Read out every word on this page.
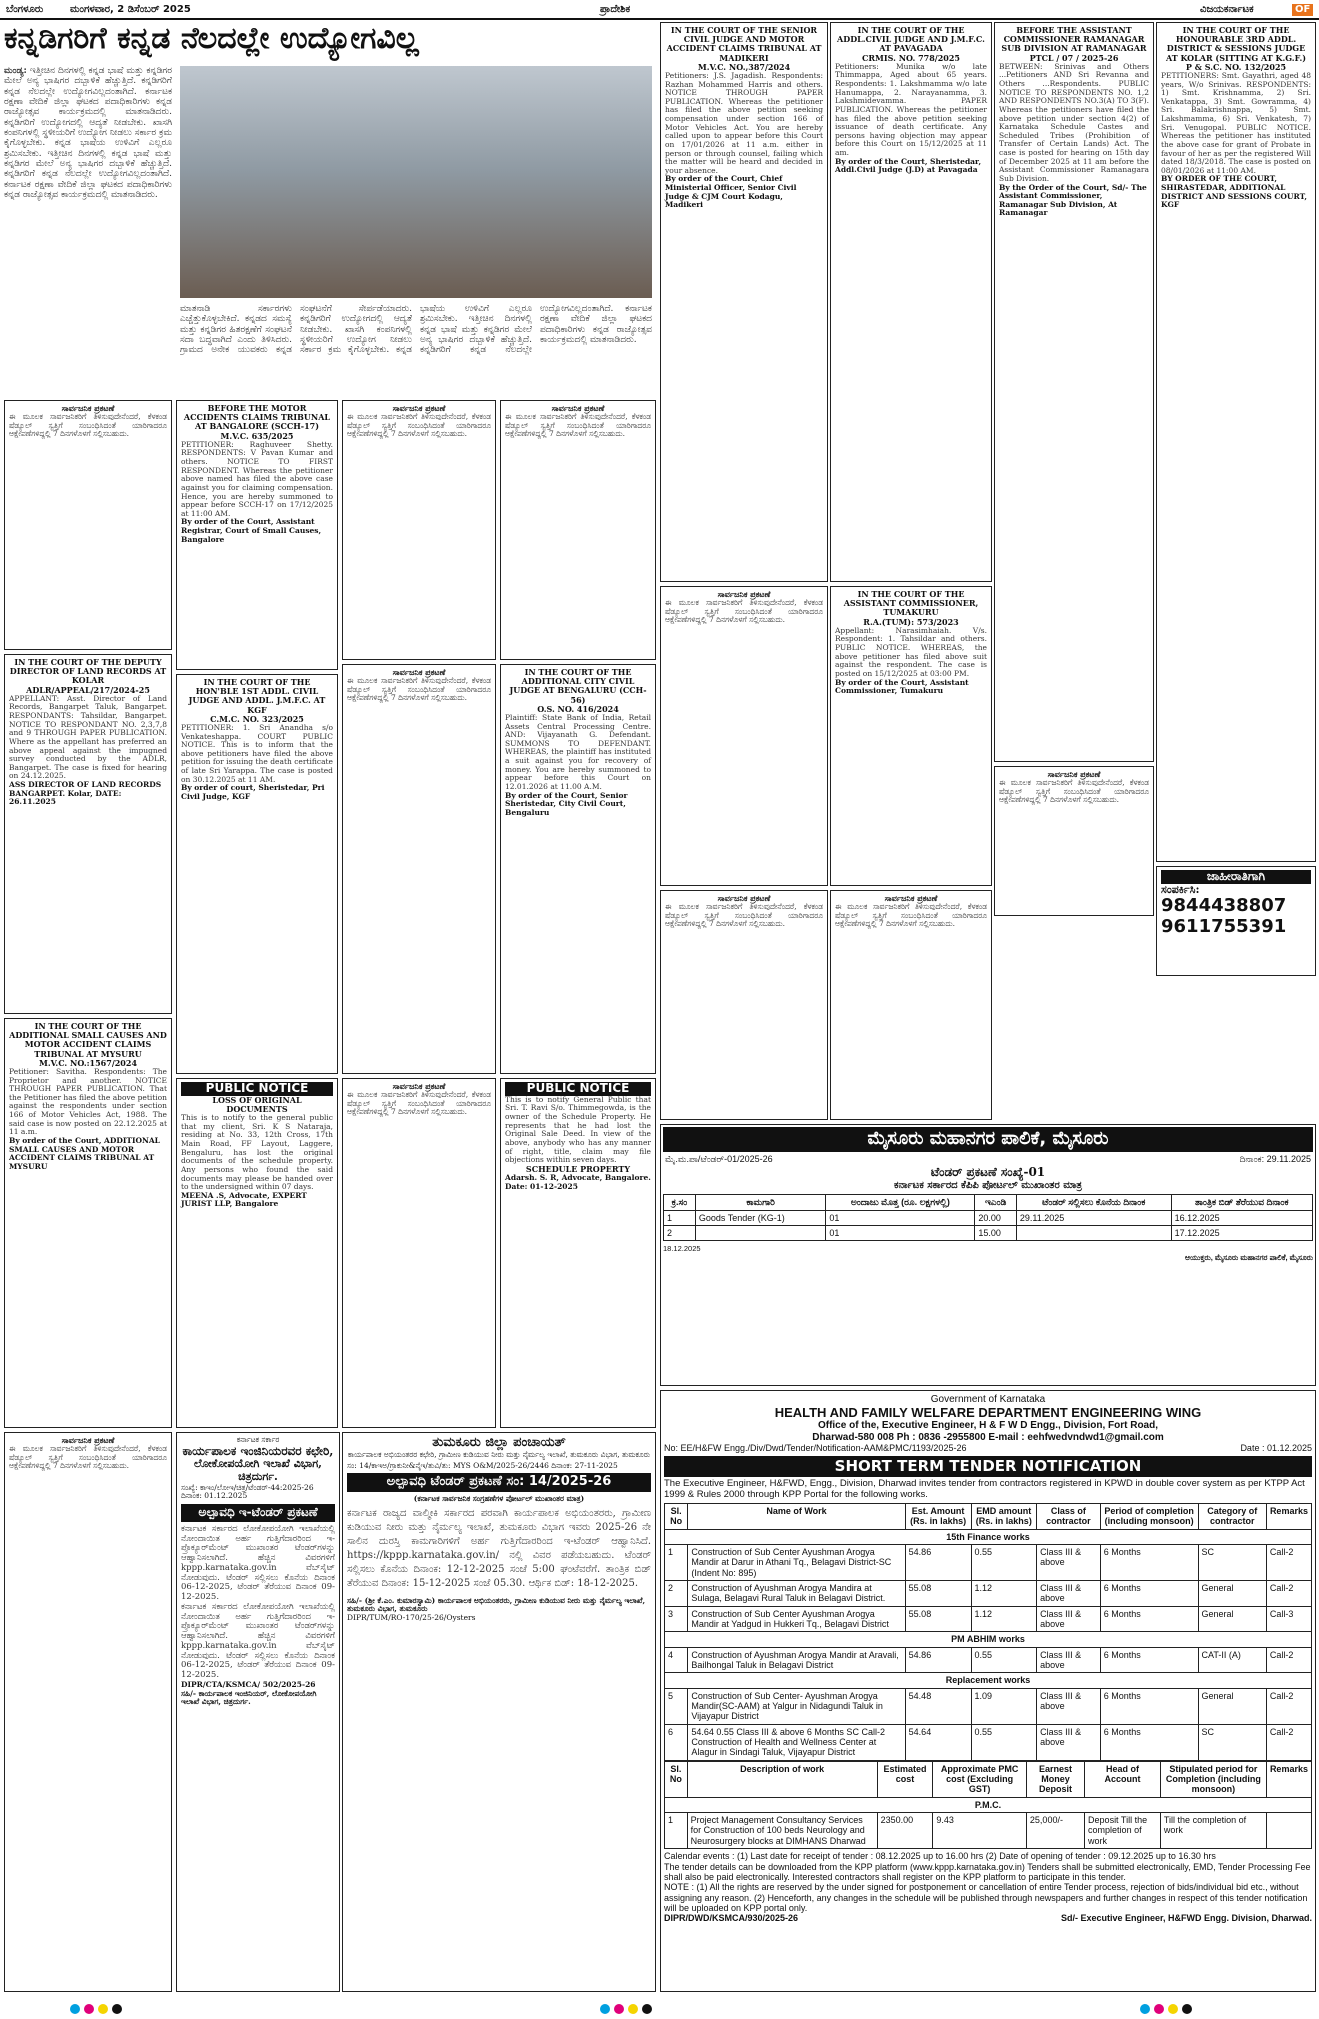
ಬೆಂಗಳೂರು	ಮಂಗಳವಾರ, 2 ಡಿಸೆಂಬರ್ 2025	ಪ್ರಾದೇಶಿಕ	ವಿಜಯಕರ್ನಾಟಕ	OF
ಕನ್ನಡಿಗರಿಗೆ ಕನ್ನಡ ನೆಲದಲ್ಲೇ ಉದ್ಯೋಗವಿಲ್ಲ
ಮಂಡ್ಯ: ಇತ್ತೀಚಿನ ದಿನಗಳಲ್ಲಿ ಕನ್ನಡ ಭಾಷೆ ಮತ್ತು ಕನ್ನಡಿಗರ ಮೇಲೆ ಅನ್ಯ ಭಾಷಿಗರ ದಬ್ಬಾಳಿಕೆ ಹೆಚ್ಚುತ್ತಿದೆ. ಕನ್ನಡಿಗರಿಗೆ ಕನ್ನಡ ನೆಲದಲ್ಲೇ ಉದ್ಯೋಗವಿಲ್ಲದಂತಾಗಿದೆ. ಕರ್ನಾಟಕ ರಕ್ಷಣಾ ವೇದಿಕೆ ಜಿಲ್ಲಾ ಘಟಕದ ಪದಾಧಿಕಾರಿಗಳು ಕನ್ನಡ ರಾಜ್ಯೋತ್ಸವ ಕಾರ್ಯಕ್ರಮದಲ್ಲಿ ಮಾತನಾಡಿದರು. ಕನ್ನಡಿಗರಿಗೆ ಉದ್ಯೋಗದಲ್ಲಿ ಆದ್ಯತೆ ನೀಡಬೇಕು. ಖಾಸಗಿ ಕಂಪನಿಗಳಲ್ಲಿ ಸ್ಥಳೀಯರಿಗೆ ಉದ್ಯೋಗ ನೀಡಲು ಸರ್ಕಾರ ಕ್ರಮ ಕೈಗೊಳ್ಳಬೇಕು. ಕನ್ನಡ ಭಾಷೆಯ ಉಳಿವಿಗೆ ಎಲ್ಲರೂ ಶ್ರಮಿಸಬೇಕು. ಇತ್ತೀಚಿನ ದಿನಗಳಲ್ಲಿ ಕನ್ನಡ ಭಾಷೆ ಮತ್ತು ಕನ್ನಡಿಗರ ಮೇಲೆ ಅನ್ಯ ಭಾಷಿಗರ ದಬ್ಬಾಳಿಕೆ ಹೆಚ್ಚುತ್ತಿದೆ. ಕನ್ನಡಿಗರಿಗೆ ಕನ್ನಡ ನೆಲದಲ್ಲೇ ಉದ್ಯೋಗವಿಲ್ಲದಂತಾಗಿದೆ. ಕರ್ನಾಟಕ ರಕ್ಷಣಾ ವೇದಿಕೆ ಜಿಲ್ಲಾ ಘಟಕದ ಪದಾಧಿಕಾರಿಗಳು ಕನ್ನಡ ರಾಜ್ಯೋತ್ಸವ ಕಾರ್ಯಕ್ರಮದಲ್ಲಿ ಮಾತನಾಡಿದರು.
ಮಾತನಾಡಿ ಸರ್ಕಾರಗಳು ಎಚ್ಚೆತ್ತುಕೊಳ್ಳಬೇಕಿದೆ. ಕನ್ನಡದ ಸಮಸ್ಯೆ ಮತ್ತು ಕನ್ನಡಿಗರ ಹಿತರಕ್ಷಣೆಗೆ ಸಂಘಟನೆ ಸದಾ ಬದ್ಧವಾಗಿದೆ ಎಂದು ತಿಳಿಸಿದರು. ಗ್ರಾಮದ ಅನೇಕ ಯುವಕರು ಕನ್ನಡ ಸಂಘಟನೆಗೆ ಸೇರ್ಪಡೆಯಾದರು. ಕನ್ನಡಿಗರಿಗೆ ಉದ್ಯೋಗದಲ್ಲಿ ಆದ್ಯತೆ ನೀಡಬೇಕು. ಖಾಸಗಿ ಕಂಪನಿಗಳಲ್ಲಿ ಸ್ಥಳೀಯರಿಗೆ ಉದ್ಯೋಗ ನೀಡಲು ಸರ್ಕಾರ ಕ್ರಮ ಕೈಗೊಳ್ಳಬೇಕು. ಕನ್ನಡ ಭಾಷೆಯ ಉಳಿವಿಗೆ ಎಲ್ಲರೂ ಶ್ರಮಿಸಬೇಕು. ಇತ್ತೀಚಿನ ದಿನಗಳಲ್ಲಿ ಕನ್ನಡ ಭಾಷೆ ಮತ್ತು ಕನ್ನಡಿಗರ ಮೇಲೆ ಅನ್ಯ ಭಾಷಿಗರ ದಬ್ಬಾಳಿಕೆ ಹೆಚ್ಚುತ್ತಿದೆ. ಕನ್ನಡಿಗರಿಗೆ ಕನ್ನಡ ನೆಲದಲ್ಲೇ ಉದ್ಯೋಗವಿಲ್ಲದಂತಾಗಿದೆ. ಕರ್ನಾಟಕ ರಕ್ಷಣಾ ವೇದಿಕೆ ಜಿಲ್ಲಾ ಘಟಕದ ಪದಾಧಿಕಾರಿಗಳು ಕನ್ನಡ ರಾಜ್ಯೋತ್ಸವ ಕಾರ್ಯಕ್ರಮದಲ್ಲಿ ಮಾತನಾಡಿದರು.
IN THE COURT OF THE SENIOR CIVIL JUDGE AND MOTOR ACCIDENT CLAIMS TRIBUNAL AT MADIKERI
M.V.C. NO.,387/2024
Petitioners: J.S. Jagadish. Respondents: Razhan Mohammed Harris and others. NOTICE THROUGH PAPER PUBLICATION. Whereas the petitioner has filed the above petition seeking compensation under section 166 of Motor Vehicles Act. You are hereby called upon to appear before this Court on 17/01/2026 at 11 a.m. either in person or through counsel, failing which the matter will be heard and decided in your absence.
By order of the Court, Chief Ministerial Officer, Senior Civil Judge & CJM Court Kodagu, Madikeri
IN THE COURT OF THE ADDL.CIVIL JUDGE AND J.M.F.C. AT PAVAGADA
CRMIS. NO. 778/2025
Petitioners: Munika w/o late Thimmappa, Aged about 65 years. Respondents: 1. Lakshmamma w/o late Hanumappa, 2. Narayanamma, 3. Lakshmidevamma. PAPER PUBLICATION. Whereas the petitioner has filed the above petition seeking issuance of death certificate. Any persons having objection may appear before this Court on 15/12/2025 at 11 am.
By order of the Court, Sheristedar, Addl.Civil Judge (J.D) at Pavagada
BEFORE THE ASSISTANT COMMISSIONER RAMANAGAR SUB DIVISION AT RAMANAGAR
PTCL / 07 / 2025-26
BETWEEN: Srinivas and Others ...Petitioners AND Sri Revanna and Others ...Respondents. PUBLIC NOTICE TO RESPONDENTS NO. 1,2 AND RESPONDENTS NO.3(A) TO 3(F). Whereas the petitioners have filed the above petition under section 4(2) of Karnataka Schedule Castes and Scheduled Tribes (Prohibition of Transfer of Certain Lands) Act. The case is posted for hearing on 15th day of December 2025 at 11 am before the Assistant Commissioner Ramanagara Sub Division.
By the Order of the Court, Sd/- The Assistant Commissioner, Ramanagar Sub Division, At Ramanagar
IN THE COURT OF THE HONOURABLE 3RD ADDL. DISTRICT & SESSIONS JUDGE AT KOLAR (SITTING AT K.G.F.)
P & S.C. NO. 132/2025
PETITIONERS: Smt. Gayathri, aged 48 years, W/o Srinivas. RESPONDENTS: 1) Smt. Krishnamma, 2) Sri. Venkatappa, 3) Smt. Gowramma, 4) Sri. Balakrishnappa, 5) Smt. Lakshmamma, 6) Sri. Venkatesh, 7) Sri. Venugopal. PUBLIC NOTICE. Whereas the petitioner has instituted the above case for grant of Probate in favour of her as per the registered Will dated 18/3/2018. The case is posted on 08/01/2026 at 11:00 AM.
BY ORDER OF THE COURT, SHIRASTEDAR, ADDITIONAL DISTRICT AND SESSIONS COURT, KGF
IN THE COURT OF THE ASSISTANT COMMISSIONER, TUMAKURU
R.A.(TUM): 573/2023
Appellant: Narasimhaiah. V/s. Respondent: 1. Tahsildar and others. PUBLIC NOTICE. WHEREAS, the above petitioner has filed above suit against the respondent. The case is posted on 15/12/2025 at 03:00 PM.
By order of the Court, Assistant Commissioner, Tumakuru
ಸಾರ್ವಜನಿಕ ಪ್ರಕಟಣೆ
ಈ ಮೂಲಕ ಸಾರ್ವಜನಿಕರಿಗೆ ತಿಳಿಸುವುದೇನೆಂದರೆ, ಕೆಳಕಂಡ ಷೆಡ್ಯೂಲ್ ಸ್ವತ್ತಿಗೆ ಸಂಬಂಧಿಸಿದಂತೆ ಯಾರಿಗಾದರೂ ಆಕ್ಷೇಪಣೆಗಳಿದ್ದಲ್ಲಿ 7 ದಿನಗಳೊಳಗೆ ಸಲ್ಲಿಸಬಹುದು.
IN THE COURT OF THE DEPUTY DIRECTOR OF LAND RECORDS AT KOLAR
ADLR/APPEAL/217/2024-25
APPELLANT: Asst. Director of Land Records, Bangarpet Taluk, Bangarpet. RESPONDANTS: Tahsildar, Bangarpet. NOTICE TO RESPONDANT NO. 2,3,7,8 and 9 THROUGH PAPER PUBLICATION. Where as the appellant has preferred an above appeal against the impugned survey conducted by the ADLR, Bangarpet. The case is fixed for hearing on 24.12.2025.
ASS DIRECTOR OF LAND RECORDS BANGARPET. Kolar, DATE: 26.11.2025
IN THE COURT OF THE ADDITIONAL SMALL CAUSES AND MOTOR ACCIDENT CLAIMS TRIBUNAL AT MYSURU
M.V.C. NO.:1567/2024
Petitioner: Savitha. Respondents: The Proprietor and another. NOTICE THROUGH PAPER PUBLICATION. That the Petitioner has filed the above petition against the respondents under section 166 of Motor Vehicles Act, 1988. The said case is now posted on 22.12.2025 at 11 a.m.
By order of the Court, ADDITIONAL SMALL CAUSES AND MOTOR ACCIDENT CLAIMS TRIBUNAL AT MYSURU
BEFORE THE MOTOR ACCIDENTS CLAIMS TRIBUNAL AT BANGALORE (SCCH-17)
M.V.C. 635/2025
PETITIONER: Raghuveer Shetty. RESPONDENTS: V Pavan Kumar and others. NOTICE TO FIRST RESPONDENT. Whereas the petitioner above named has filed the above case against you for claiming compensation. Hence, you are hereby summoned to appear before SCCH-17 on 17/12/2025 at 11:00 AM.
By order of the Court, Assistant Registrar, Court of Small Causes, Bangalore
IN THE COURT OF THE HON'BLE 1ST ADDL. CIVIL JUDGE AND ADDL. J.M.F.C. AT KGF
C.M.C. NO. 323/2025
PETITIONER: 1. Sri Anandha s/o Venkateshappa. COURT PUBLIC NOTICE. This is to inform that the above petitioners have filed the above petition for issuing the death certificate of late Sri Yarappa. The case is posted on 30.12.2025 at 11 AM.
By order of court, Sheristedar, Pri Civil Judge, KGF
PUBLIC NOTICE
LOSS OF ORIGINAL DOCUMENTS
This is to notify to the general public that my client, Sri. K S Nataraja, residing at No. 33, 12th Cross, 17th Main Road, FF Layout, Laggere, Bengaluru, has lost the original documents of the schedule property. Any persons who found the said documents may please be handed over to the undersigned within 07 days.
MEENA .S, Advocate, EXPERT JURIST LLP, Bangalore
ಸಾರ್ವಜನಿಕ ಪ್ರಕಟಣೆ
ಈ ಮೂಲಕ ಸಾರ್ವಜನಿಕರಿಗೆ ತಿಳಿಸುವುದೇನೆಂದರೆ, ಕೆಳಕಂಡ ಷೆಡ್ಯೂಲ್ ಸ್ವತ್ತಿಗೆ ಸಂಬಂಧಿಸಿದಂತೆ ಯಾರಿಗಾದರೂ ಆಕ್ಷೇಪಣೆಗಳಿದ್ದಲ್ಲಿ 7 ದಿನಗಳೊಳಗೆ ಸಲ್ಲಿಸಬಹುದು.
ಸಾರ್ವಜನಿಕ ಪ್ರಕಟಣೆ
ಈ ಮೂಲಕ ಸಾರ್ವಜನಿಕರಿಗೆ ತಿಳಿಸುವುದೇನೆಂದರೆ, ಕೆಳಕಂಡ ಷೆಡ್ಯೂಲ್ ಸ್ವತ್ತಿಗೆ ಸಂಬಂಧಿಸಿದಂತೆ ಯಾರಿಗಾದರೂ ಆಕ್ಷೇಪಣೆಗಳಿದ್ದಲ್ಲಿ 7 ದಿನಗಳೊಳಗೆ ಸಲ್ಲಿಸಬಹುದು.
IN THE COURT OF THE ADDITIONAL CITY CIVIL JUDGE AT BENGALURU (CCH-56)
O.S. NO. 416/2024
Plaintiff: State Bank of India, Retail Assets Central Processing Centre. AND: Vijayanath G. Defendant. SUMMONS TO DEFENDANT. WHEREAS, the plaintiff has instituted a suit against you for recovery of money. You are hereby summoned to appear before this Court on 12.01.2026 at 11.00 A.M.
By order of the Court, Senior Sheristedar, City Civil Court, Bengaluru
ಸಾರ್ವಜನಿಕ ಪ್ರಕಟಣೆ
ಈ ಮೂಲಕ ಸಾರ್ವಜನಿಕರಿಗೆ ತಿಳಿಸುವುದೇನೆಂದರೆ, ಕೆಳಕಂಡ ಷೆಡ್ಯೂಲ್ ಸ್ವತ್ತಿಗೆ ಸಂಬಂಧಿಸಿದಂತೆ ಯಾರಿಗಾದರೂ ಆಕ್ಷೇಪಣೆಗಳಿದ್ದಲ್ಲಿ 7 ದಿನಗಳೊಳಗೆ ಸಲ್ಲಿಸಬಹುದು.
ಸಾರ್ವಜನಿಕ ಪ್ರಕಟಣೆ
ಈ ಮೂಲಕ ಸಾರ್ವಜನಿಕರಿಗೆ ತಿಳಿಸುವುದೇನೆಂದರೆ, ಕೆಳಕಂಡ ಷೆಡ್ಯೂಲ್ ಸ್ವತ್ತಿಗೆ ಸಂಬಂಧಿಸಿದಂತೆ ಯಾರಿಗಾದರೂ ಆಕ್ಷೇಪಣೆಗಳಿದ್ದಲ್ಲಿ 7 ದಿನಗಳೊಳಗೆ ಸಲ್ಲಿಸಬಹುದು.
PUBLIC NOTICE
This is to notify General Public that Sri. T. Ravi S/o. Thimmegowda, is the owner of the Schedule Property. He represents that he had lost the Original Sale Deed. In view of the above, anybody who has any manner of right, title, claim may file objections within seven days.
SCHEDULE PROPERTY
Adarsh. S. R, Advocate, Bangalore. Date: 01-12-2025
ಸಾರ್ವಜನಿಕ ಪ್ರಕಟಣೆ
ಈ ಮೂಲಕ ಸಾರ್ವಜನಿಕರಿಗೆ ತಿಳಿಸುವುದೇನೆಂದರೆ, ಕೆಳಕಂಡ ಷೆಡ್ಯೂಲ್ ಸ್ವತ್ತಿಗೆ ಸಂಬಂಧಿಸಿದಂತೆ ಯಾರಿಗಾದರೂ ಆಕ್ಷೇಪಣೆಗಳಿದ್ದಲ್ಲಿ 7 ದಿನಗಳೊಳಗೆ ಸಲ್ಲಿಸಬಹುದು.
ಸಾರ್ವಜನಿಕ ಪ್ರಕಟಣೆ
ಈ ಮೂಲಕ ಸಾರ್ವಜನಿಕರಿಗೆ ತಿಳಿಸುವುದೇನೆಂದರೆ, ಕೆಳಕಂಡ ಷೆಡ್ಯೂಲ್ ಸ್ವತ್ತಿಗೆ ಸಂಬಂಧಿಸಿದಂತೆ ಯಾರಿಗಾದರೂ ಆಕ್ಷೇಪಣೆಗಳಿದ್ದಲ್ಲಿ 7 ದಿನಗಳೊಳಗೆ ಸಲ್ಲಿಸಬಹುದು.
ಸಾರ್ವಜನಿಕ ಪ್ರಕಟಣೆ
ಈ ಮೂಲಕ ಸಾರ್ವಜನಿಕರಿಗೆ ತಿಳಿಸುವುದೇನೆಂದರೆ, ಕೆಳಕಂಡ ಷೆಡ್ಯೂಲ್ ಸ್ವತ್ತಿಗೆ ಸಂಬಂಧಿಸಿದಂತೆ ಯಾರಿಗಾದರೂ ಆಕ್ಷೇಪಣೆಗಳಿದ್ದಲ್ಲಿ 7 ದಿನಗಳೊಳಗೆ ಸಲ್ಲಿಸಬಹುದು.
ಸಾರ್ವಜನಿಕ ಪ್ರಕಟಣೆ
ಈ ಮೂಲಕ ಸಾರ್ವಜನಿಕರಿಗೆ ತಿಳಿಸುವುದೇನೆಂದರೆ, ಕೆಳಕಂಡ ಷೆಡ್ಯೂಲ್ ಸ್ವತ್ತಿಗೆ ಸಂಬಂಧಿಸಿದಂತೆ ಯಾರಿಗಾದರೂ ಆಕ್ಷೇಪಣೆಗಳಿದ್ದಲ್ಲಿ 7 ದಿನಗಳೊಳಗೆ ಸಲ್ಲಿಸಬಹುದು.
ಜಾಹೀರಾತಿಗಾಗಿ
ಸಂಪರ್ಕಿಸಿ:
9844438807
9611755391
ಮೈಸೂರು ಮಹಾನಗರ ಪಾಲಿಕೆ, ಮೈಸೂರು
ಮೈ.ಮ.ಪಾ/ಟೆಂಡರ್-01/2025-26	ದಿನಾಂಕ: 29.11.2025
ಟೆಂಡರ್ ಪ್ರಕಟಣೆ ಸಂಖ್ಯೆ-01
ಕರ್ನಾಟಕ ಸರ್ಕಾರದ ಕೆಪಿಪಿ ಪೋರ್ಟಲ್ ಮುಖಾಂತರ ಮಾತ್ರ
ಕ್ರ.ಸಂ	ಕಾಮಗಾರಿ	ಅಂದಾಜು ಮೊತ್ತ (ರೂ. ಲಕ್ಷಗಳಲ್ಲಿ)	ಇಎಂಡಿ	ಟೆಂಡರ್ ಸಲ್ಲಿಸಲು ಕೊನೆಯ ದಿನಾಂಕ	ತಾಂತ್ರಿಕ ಬಿಡ್ ತೆರೆಯುವ ದಿನಾಂಕ
1	Goods Tender (KG-1)	01	20.00	29.11.2025	16.12.2025
2		01	15.00		17.12.2025
18.12.2025
ಆಯುಕ್ತರು, ಮೈಸೂರು ಮಹಾನಗರ ಪಾಲಿಕೆ, ಮೈಸೂರು
ಕರ್ನಾಟಕ ಸರ್ಕಾರ
ಕಾರ್ಯಪಾಲಕ ಇಂಜಿನಿಯರವರ ಕಛೇರಿ,
ಲೋಕೋಪಯೋಗಿ ಇಲಾಖೆ ವಿಭಾಗ, ಚಿತ್ರದುರ್ಗ.
ಸಂಖ್ಯೆ: ಕಾಇಂ/ಲೋಇ/ಚಿತ್ರ/ಟೆಂಡರ್-44:2025-26 ದಿನಾಂಕ: 01.12.2025
ಅಲ್ಪಾವಧಿ ಇ-ಟೆಂಡರ್ ಪ್ರಕಟಣೆ
ಕರ್ನಾಟಕ ಸರ್ಕಾರದ ಲೋಕೋಪಯೋಗಿ ಇಲಾಖೆಯಲ್ಲಿ ನೋಂದಾಯಿತ ಅರ್ಹ ಗುತ್ತಿಗೆದಾರರಿಂದ ಇ-ಪ್ರೊಕ್ಯೂರ್‌ಮೆಂಟ್ ಮುಖಾಂತರ ಟೆಂಡರ್‌ಗಳನ್ನು ಆಹ್ವಾನಿಸಲಾಗಿದೆ. ಹೆಚ್ಚಿನ ವಿವರಗಳಿಗೆ kppp.karnataka.gov.in ವೆಬ್‌ಸೈಟ್ ನೋಡುವುದು. ಟೆಂಡರ್ ಸಲ್ಲಿಸಲು ಕೊನೆಯ ದಿನಾಂಕ 06-12-2025, ಟೆಂಡರ್ ತೆರೆಯುವ ದಿನಾಂಕ 09-12-2025.
ಕರ್ನಾಟಕ ಸರ್ಕಾರದ ಲೋಕೋಪಯೋಗಿ ಇಲಾಖೆಯಲ್ಲಿ ನೋಂದಾಯಿತ ಅರ್ಹ ಗುತ್ತಿಗೆದಾರರಿಂದ ಇ-ಪ್ರೊಕ್ಯೂರ್‌ಮೆಂಟ್ ಮುಖಾಂತರ ಟೆಂಡರ್‌ಗಳನ್ನು ಆಹ್ವಾನಿಸಲಾಗಿದೆ. ಹೆಚ್ಚಿನ ವಿವರಗಳಿಗೆ kppp.karnataka.gov.in ವೆಬ್‌ಸೈಟ್ ನೋಡುವುದು. ಟೆಂಡರ್ ಸಲ್ಲಿಸಲು ಕೊನೆಯ ದಿನಾಂಕ 06-12-2025, ಟೆಂಡರ್ ತೆರೆಯುವ ದಿನಾಂಕ 09-12-2025.
DIPR/CTA/KSMCA/ 502/2025-26
ಸಹಿ/- ಕಾರ್ಯಪಾಲಕ ಇಂಜಿನಿಯರ್, ಲೋಕೋಪಯೋಗಿ ಇಲಾಖೆ ವಿಭಾಗ, ಚಿತ್ರದುರ್ಗ.
ಸಾರ್ವಜನಿಕ ಪ್ರಕಟಣೆ
ಈ ಮೂಲಕ ಸಾರ್ವಜನಿಕರಿಗೆ ತಿಳಿಸುವುದೇನೆಂದರೆ, ಕೆಳಕಂಡ ಷೆಡ್ಯೂಲ್ ಸ್ವತ್ತಿಗೆ ಸಂಬಂಧಿಸಿದಂತೆ ಯಾರಿಗಾದರೂ ಆಕ್ಷೇಪಣೆಗಳಿದ್ದಲ್ಲಿ 7 ದಿನಗಳೊಳಗೆ ಸಲ್ಲಿಸಬಹುದು.
ತುಮಕೂರು ಜಿಲ್ಲಾ ಪಂಚಾಯತ್
ಕಾರ್ಯಪಾಲಕ ಅಭಿಯಂತರರ ಕಛೇರಿ, ಗ್ರಾಮೀಣ ಕುಡಿಯುವ ನೀರು ಮತ್ತು ನೈರ್ಮಲ್ಯ ಇಲಾಖೆ, ತುಮಕೂರು ವಿಭಾಗ, ತುಮಕೂರು
ಸಂ: 14/ಕಾಇಅ/ಗ್ರಾಕುನೀ&ನೈಇ/ತುವಿ/ತು: MYS O&M/2025-26/2446 ದಿನಾಂಕ: 27-11-2025
ಅಲ್ಪಾವಧಿ ಟೆಂಡರ್ ಪ್ರಕಟಣೆ ಸಂ: 14/2025-26
(ಕರ್ನಾಟಕ ಸಾರ್ವಜನಿಕ ಸಂಗ್ರಹಣೆಗಳ ಪೋರ್ಟಲ್ ಮುಖಾಂತರ ಮಾತ್ರ)
ಕರ್ನಾಟಕ ರಾಜ್ಯದ ವಾಲ್ಮೀಕಿ ಸರ್ಕಾರದ ಪರವಾಗಿ ಕಾರ್ಯಪಾಲಕ ಅಭಿಯಂತರರು, ಗ್ರಾಮೀಣ ಕುಡಿಯುವ ನೀರು ಮತ್ತು ನೈರ್ಮಲ್ಯ ಇಲಾಖೆ, ತುಮಕೂರು ವಿಭಾಗ ಇವರು 2025-26 ನೇ ಸಾಲಿನ ದುರಸ್ತಿ ಕಾಮಗಾರಿಗಳಿಗೆ ಅರ್ಹ ಗುತ್ತಿಗೆದಾರರಿಂದ ಇ-ಟೆಂಡರ್ ಆಹ್ವಾನಿಸಿದೆ. https://kppp.karnataka.gov.in/ ನಲ್ಲಿ ವಿವರ ಪಡೆಯಬಹುದು. ಟೆಂಡರ್ ಸಲ್ಲಿಸಲು ಕೊನೆಯ ದಿನಾಂಕ: 12-12-2025 ಸಂಜೆ 5:00 ಘಂಟೆವರೆಗೆ. ತಾಂತ್ರಿಕ ಬಿಡ್ ತೆರೆಯುವ ದಿನಾಂಕ: 15-12-2025 ಸಂಜೆ 05.30. ಆರ್ಥಿಕ ಬಿಡ್: 18-12-2025.
ಸಹಿ/- (ಶ್ರೀ ಕೆ.ಎಂ. ಕುಮಾರಸ್ವಾಮಿ) ಕಾರ್ಯಪಾಲಕ ಅಭಿಯಂತರರು, ಗ್ರಾಮೀಣ ಕುಡಿಯುವ ನೀರು ಮತ್ತು ನೈರ್ಮಲ್ಯ ಇಲಾಖೆ, ತುಮಕೂರು ವಿಭಾಗ, ತುಮಕೂರು
DIPR/TUM/RO-170/25-26/Oysters
Government of Karnataka
HEALTH AND FAMILY WELFARE DEPARTMENT ENGINEERING WING
Office of the, Executive Engineer, H & F W D Engg., Division, Fort Road,
Dharwad-580 008 Ph : 0836 -2955800 E-mail : eehfwedvndwd1@gmail.com
No: EE/H&FW Engg./Div/Dwd/Tender/Notification-AAM&PMC/1193/2025-26	Date : 01.12.2025
SHORT TERM TENDER NOTIFICATION
The Executive Engineer, H&FWD, Engg., Division, Dharwad invites tender from contractors registered in KPWD in double cover system as per KTPP Act 1999 & Rules 2000 through KPP Portal for the following works.
Sl. No	Name of Work	Est. Amount (Rs. in lakhs)	EMD amount (Rs. in lakhs)	Class of contractor	Period of completion (including monsoon)	Category of contractor	Remarks
15th Finance works							
1	Construction of Sub Center Ayushman Arogya Mandir at Darur in Athani Tq., Belagavi District-SC (Indent No: 895)	54.86	0.55	Class III & above	6 Months	SC	Call-2
2	Construction of Ayushman Arogya Mandira at Sulaga, Belagavi Rural Taluk in Belagavi District.	55.08	1.12	Class III & above	6 Months	General	Call-2
3	Construction of Sub Center Ayushman Arogya Mandir at Yadgud in Hukkeri Tq., Belagavi District	55.08	1.12	Class III & above	6 Months	General	Call-3
PM ABHIM works							
4	Construction of Ayushman Arogya Mandir at Aravali, Bailhongal Taluk in Belagavi District	54.86	0.55	Class III & above	6 Months	CAT-II (A)	Call-2
Replacement works							
5	Construction of Sub Center- Ayushman Arogya Mandir(SC-AAM) at Yalgur in Nidagundi Taluk in Vijayapur District	54.48	1.09	Class III & above	6 Months	General	Call-2
6	54.64 0.55 Class III & above 6 Months SC Call-2 Construction of Health and Wellness Center at Alagur in Sindagi Taluk, Vijayapur District	54.64	0.55	Class III & above	6 Months	SC	Call-2
Sl. No	Description of work	Estimated cost	Approximate PMC cost (Excluding GST)	Earnest Money Deposit	Head of Account	Stipulated period for Completion (including monsoon)	Remarks
P.M.C.							
1	Project Management Consultancy Services for Construction of 100 beds Neurology and Neurosurgery blocks at DIMHANS Dharwad	2350.00	9.43	25,000/-	Deposit Till the completion of work	Till the completion of work	
Calendar events : (1) Last date for receipt of tender : 08.12.2025 up to 16.00 hrs (2) Date of opening of tender : 09.12.2025 up to 16.30 hrs
The tender details can be downloaded from the KPP platform (www.kppp.karnataka.gov.in) Tenders shall be submitted electronically, EMD, Tender Processing Fee shall also be paid electronically. Interested contractors shall register on the KPP platform to participate in this tender.
NOTE : (1) All the rights are reserved by the under signed for postponement or cancellation of entire Tender process, rejection of bids/individual bid etc., without assigning any reason. (2) Henceforth, any changes in the schedule will be published through newspapers and further changes in respect of this tender notification will be uploaded on KPP portal only.
DIPR/DWD/KSMCA/930/2025-26	Sd/- Executive Engineer, H&FWD Engg. Division, Dharwad.
